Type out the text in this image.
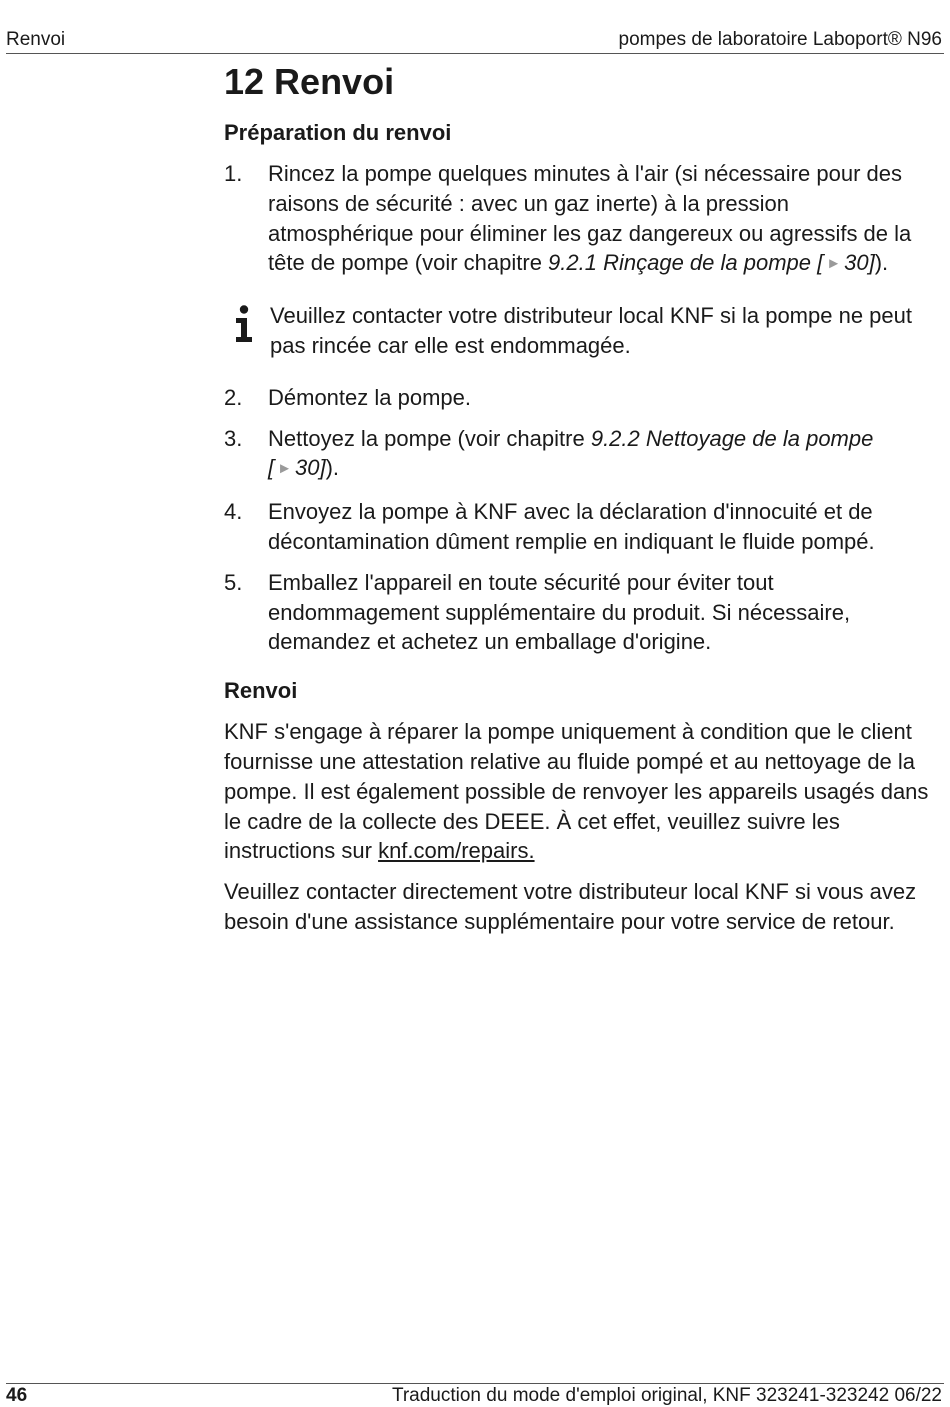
Renvoi	pompes de laboratoire Laboport® N96
12 Renvoi
Préparation du renvoi
1. Rincez la pompe quelques minutes à l'air (si nécessaire pour des raisons de sécurité : avec un gaz inerte) à la pression atmosphérique pour éliminer les gaz dangereux ou agressifs de la tête de pompe (voir chapitre 9.2.1 Rinçage de la pompe [ ► 30]).
Veuillez contacter votre distributeur local KNF si la pompe ne peut pas rincée car elle est endommagée.
2. Démontez la pompe.
3. Nettoyez la pompe (voir chapitre 9.2.2 Nettoyage de la pompe [ ► 30]).
4. Envoyez la pompe à KNF avec la déclaration d'innocuité et de décontamination dûment remplie en indiquant le fluide pompé.
5. Emballez l'appareil en toute sécurité pour éviter tout endommagement supplémentaire du produit. Si nécessaire, demandez et achetez un emballage d'origine.
Renvoi

KNF s'engage à réparer la pompe uniquement à condition que le client fournisse une attestation relative au fluide pompé et au nettoyage de la pompe. Il est également possible de renvoyer les appareils usagés dans le cadre de la collecte des DEEE. À cet effet, veuillez suivre les instructions sur knf.com/repairs.

Veuillez contacter directement votre distributeur local KNF si vous avez besoin d'une assistance supplémentaire pour votre service de retour.

46	Traduction du mode d'emploi original, KNF 323241-323242 06/22
